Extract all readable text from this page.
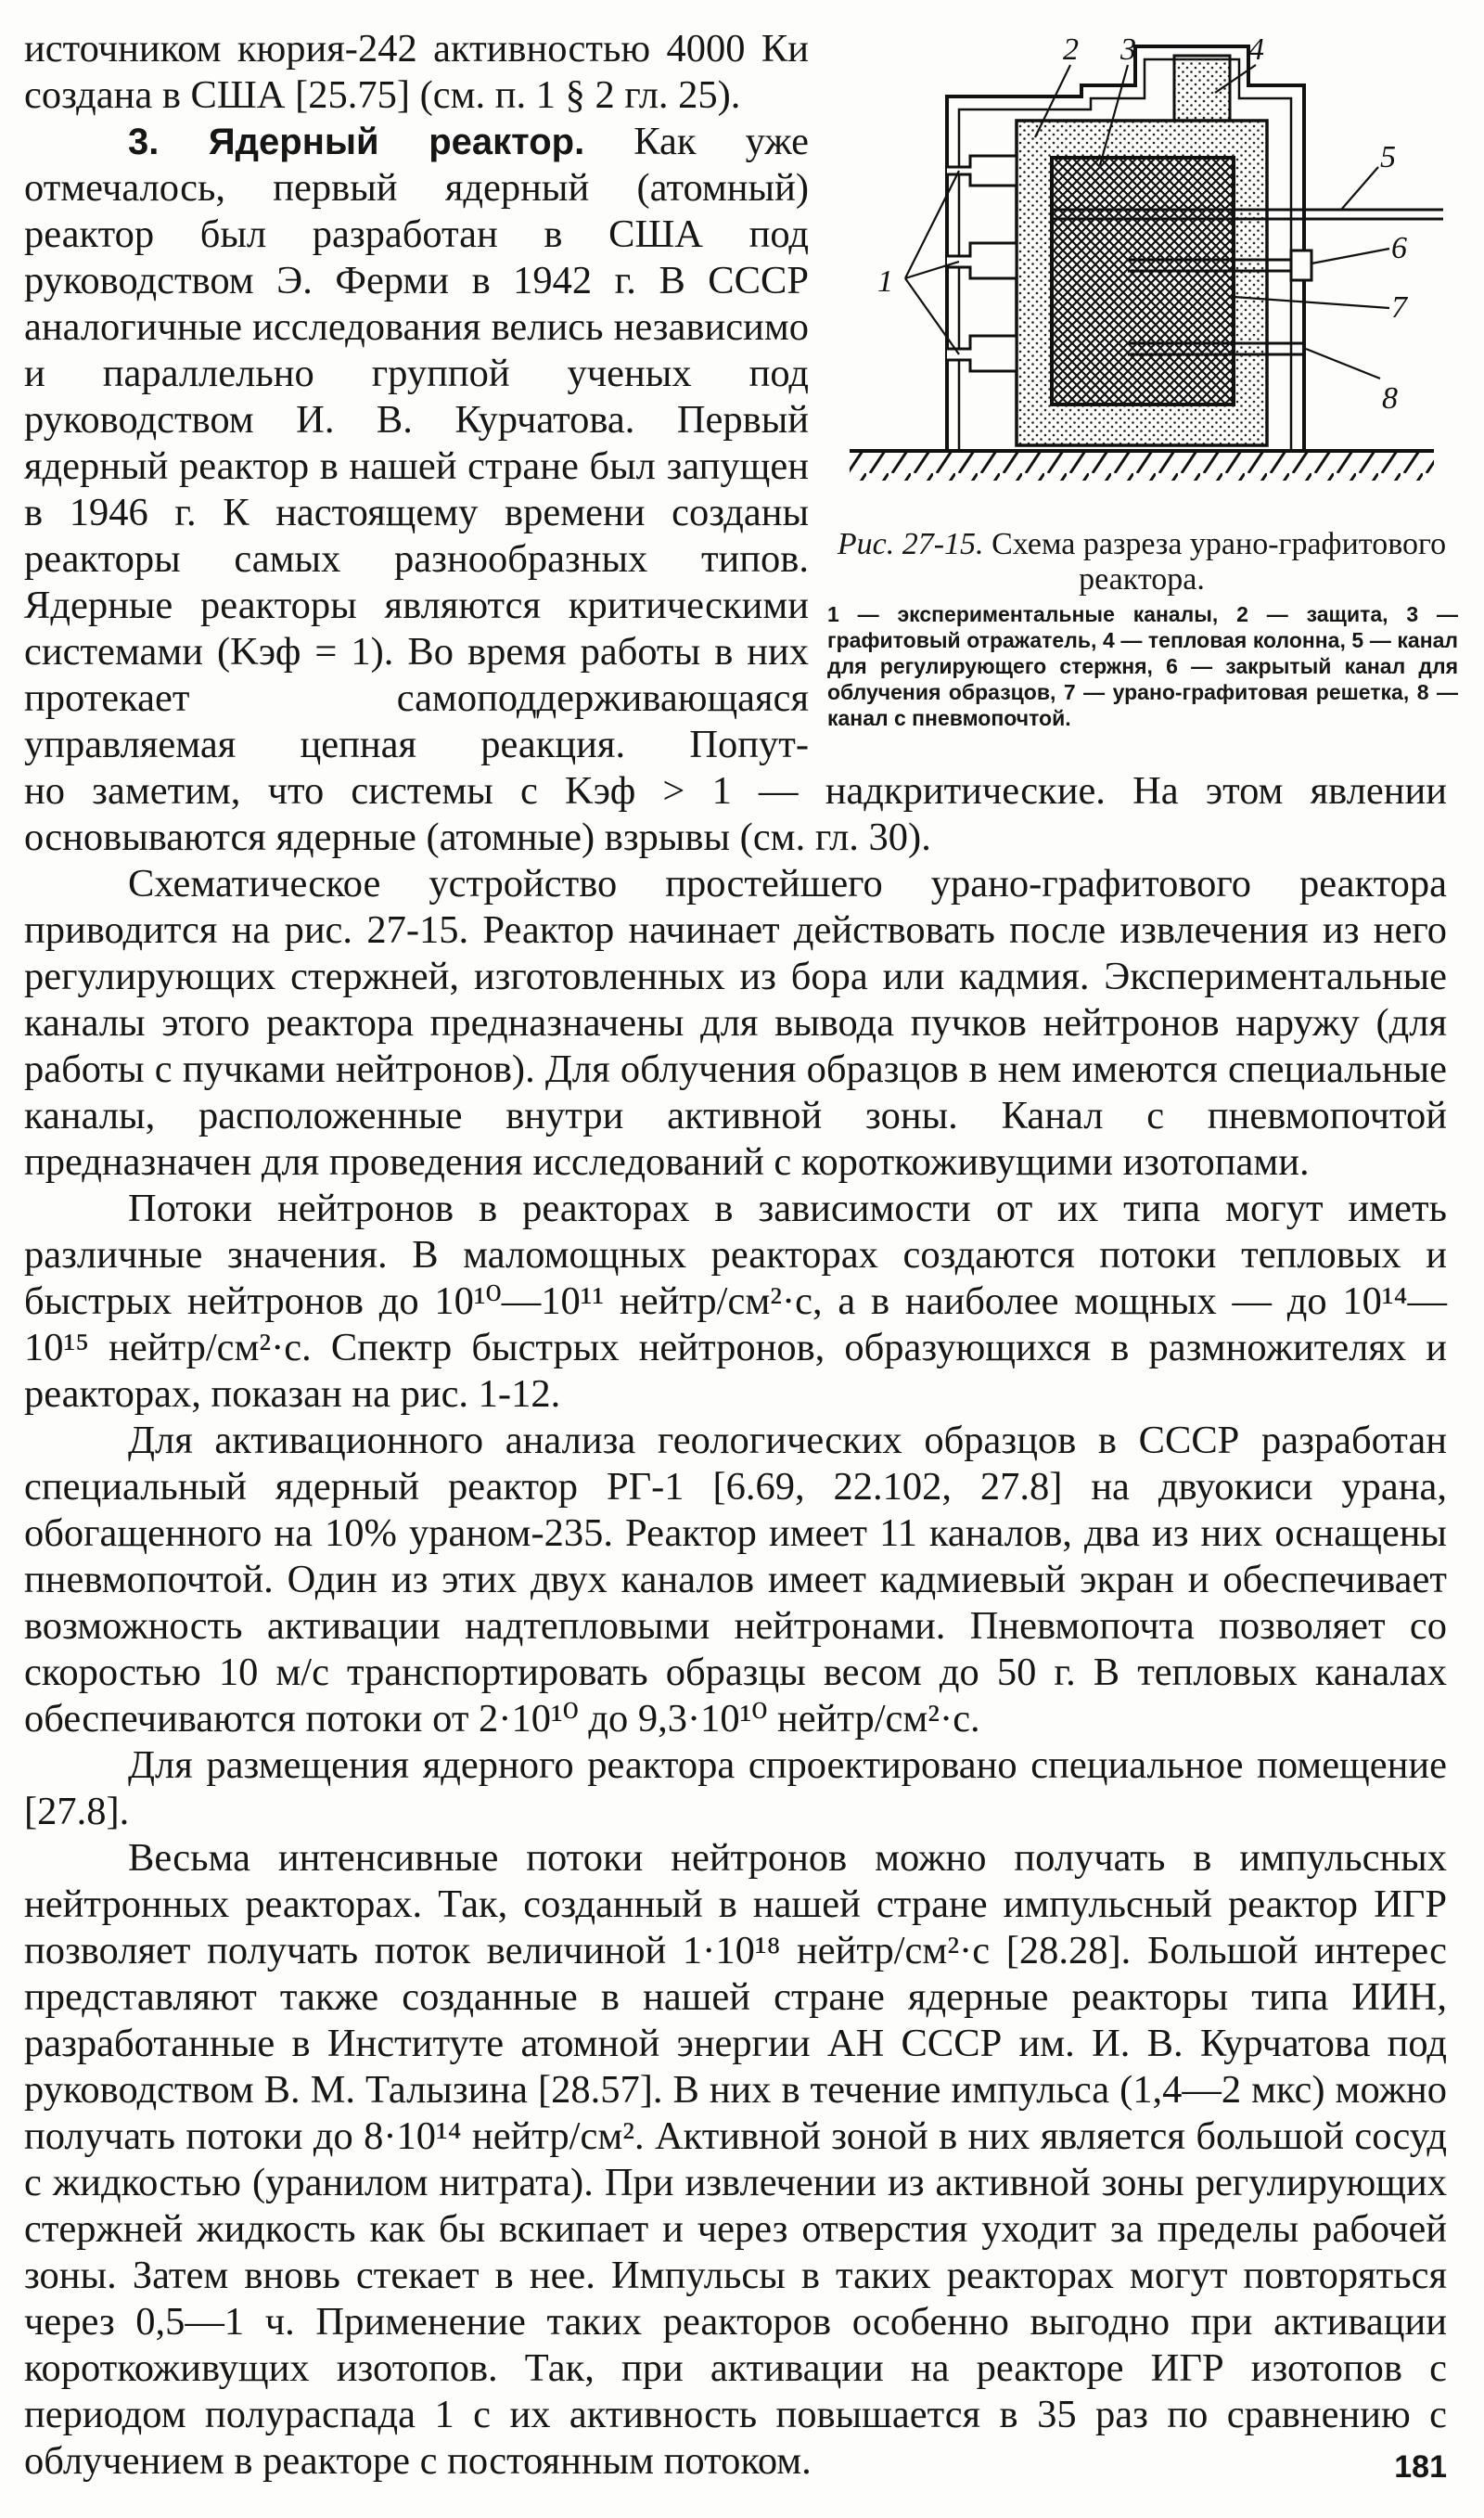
источником кюрия-242 активностью 4000 Ки создана в США [25.75] (см. п. 1 § 2 гл. 25).

3. Ядерный реактор. Как уже отмечалось, первый ядерный (атомный) реактор был разработан в США под руководством Э. Ферми в 1942 г. В СССР аналогичные исследования велись независимо и параллельно группой ученых под руководством И. В. Курчатова. Первый ядерный реактор в нашей стране был запущен в 1946 г. К настоящему времени созданы реакторы самых разнообразных типов. Ядерные реакторы являются критическими системами (Kэф = 1). Во время работы в них протекает самоподдерживающаяся управляемая цепная реакция. Попут-

2 3	4
5
6
7
8
1
Рис. 27-15. Схема разреза урано-графитового реактора.
1 — экспериментальные каналы, 2 — защита, 3 — графитовый отражатель, 4 — тепловая колонна, 5 — канал для регулирующего стержня, 6 — закрытый канал для облучения образцов, 7 — урано-графитовая решетка, 8 — канал с пневмопочтой.

но заметим, что системы с Kэф > 1 — надкритические. На этом явлении

основываются ядерные (атомные) взрывы (см. гл. 30).

Схематическое устройство простейшего урано-графитового реактора приводится на рис. 27-15. Реактор начинает действовать после извлечения из него регулирующих стержней, изготовленных из бора или кадмия. Экспериментальные каналы этого реактора предназначены для вывода пучков нейтронов наружу (для работы с пучками нейтронов). Для облучения образцов в нем имеются специальные каналы, расположенные внутри активной зоны. Канал с пневмопочтой предназначен для проведения исследований с короткоживущими изотопами.

Потоки нейтронов в реакторах в зависимости от их типа могут иметь различные значения. В маломощных реакторах создаются потоки тепловых и быстрых нейтронов до 10¹⁰—10¹¹ нейтр/см²·с, а в наиболее мощных — до 10¹⁴—10¹⁵ нейтр/см²·с. Спектр быстрых нейтронов, образующихся в размножителях и реакторах, показан на рис. 1-12.

Для активационного анализа геологических образцов в СССР разработан специальный ядерный реактор РГ-1 [6.69, 22.102, 27.8] на двуокиси урана, обогащенного на 10% ураном-235. Реактор имеет 11 каналов, два из них оснащены пневмопочтой. Один из этих двух каналов имеет кадмиевый экран и обеспечивает возможность активации надтепловыми нейтронами. Пневмопочта позволяет со скоростью 10 м/с транспортировать образцы весом до 50 г. В тепловых каналах обеспечиваются потоки от 2·10¹⁰ до 9,3·10¹⁰ нейтр/см²·с.

Для размещения ядерного реактора спроектировано специальное помещение [27.8].

Весьма интенсивные потоки нейтронов можно получать в импульсных нейтронных реакторах. Так, созданный в нашей стране импульсный реактор ИГР позволяет получать поток величиной 1·10¹⁸ нейтр/см²·с [28.28]. Большой интерес представляют также созданные в нашей стране ядерные реакторы типа ИИН, разработанные в Институте атомной энергии АН СССР им. И. В. Курчатова под руководством В. М. Талызина [28.57]. В них в течение импульса (1,4—2 мкс) можно получать потоки до 8·10¹⁴ нейтр/см². Активной зоной в них является большой сосуд с жидкостью (уранилом нитрата). При извлечении из активной зоны регулирующих стержней жидкость как бы вскипает и через отверстия уходит за пределы рабочей зоны. Затем вновь стекает в нее. Импульсы в таких реакторах могут повторяться через 0,5—1 ч. Применение таких реакторов особенно выгодно при активации короткоживущих изотопов. Так, при активации на реакторе ИГР изотопов с периодом полураспада 1 с их активность повышается в 35 раз по сравнению с облучением в реакторе с постоянным потоком.	181
